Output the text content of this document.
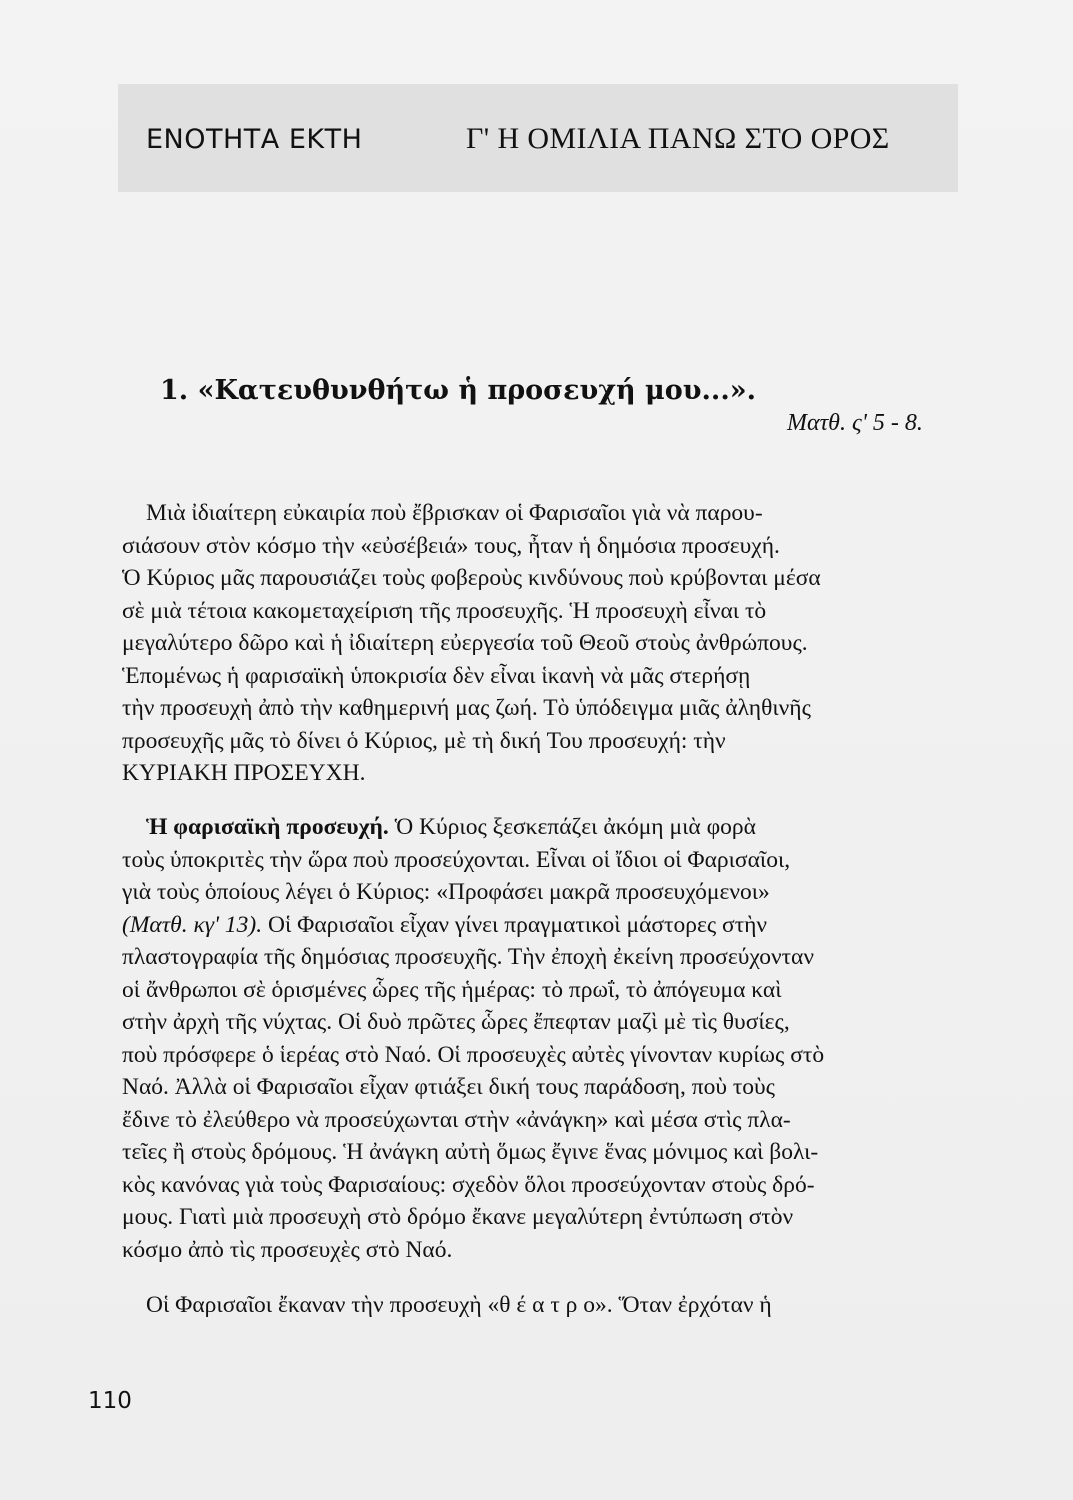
ΕΝΟΤΗΤΑ ΕΚΤΗ	Γ' Η ΟΜΙΛΙΑ ΠΑΝΩ ΣΤΟ ΟΡΟΣ
1. «Κατευθυνθήτω ἡ προσευχή μου...».
Ματθ. ς' 5 - 8.
Μιὰ ἰδιαίτερη εὐκαιρία ποὺ ἔβρισκαν οἱ Φαρισαῖοι γιὰ νὰ παρου-
σιάσουν στὸν κόσμο τὴν «εὐσέβειά» τους, ἦταν ἡ δημόσια προσευχή.
Ὁ Κύριος μᾶς παρουσιάζει τοὺς φοβεροὺς κινδύνους ποὺ κρύβονται μέσα
σὲ μιὰ τέτοια κακομεταχείριση τῆς προσευχῆς. Ἡ προσευχὴ εἶναι τὸ
μεγαλύτερο δῶρο καὶ ἡ ἰδιαίτερη εὐεργεσία τοῦ Θεοῦ στοὺς ἀνθρώπους.
Ἑπομένως ἡ φαρισαϊκὴ ὑποκρισία δὲν εἶναι ἱκανὴ νὰ μᾶς στερήσῃ
τὴν προσευχὴ ἀπὸ τὴν καθημερινή μας ζωή. Τὸ ὑπόδειγμα μιᾶς ἀληθινῆς
προσευχῆς μᾶς τὸ δίνει ὁ Κύριος, μὲ τὴ δική Του προσευχή: τὴν
ΚΥΡΙΑΚΗ ΠΡΟΣΕΥΧΗ.
Ἡ φαρισαϊκὴ προσευχή. Ὁ Κύριος ξεσκεπάζει ἀκόμη μιὰ φορὰ
τοὺς ὑποκριτὲς τὴν ὥρα ποὺ προσεύχονται. Εἶναι οἱ ἴδιοι οἱ Φαρισαῖοι,
γιὰ τοὺς ὁποίους λέγει ὁ Κύριος: «Προφάσει μακρᾶ προσευχόμενοι»
(Ματθ. κγ' 13). Οἱ Φαρισαῖοι εἶχαν γίνει πραγματικοὶ μάστορες στὴν
πλαστογραφία τῆς δημόσιας προσευχῆς. Τὴν ἐποχὴ ἐκείνη προσεύχονταν
οἱ ἄνθρωποι σὲ ὁρισμένες ὧρες τῆς ἡμέρας: τὸ πρωΐ, τὸ ἀπόγευμα καὶ
στὴν ἀρχὴ τῆς νύχτας. Οἱ δυὸ πρῶτες ὧρες ἔπεφταν μαζὶ μὲ τὶς θυσίες,
ποὺ πρόσφερε ὁ ἱερέας στὸ Ναό. Οἱ προσευχὲς αὐτὲς γίνονταν κυρίως στὸ
Ναό. Ἀλλὰ οἱ Φαρισαῖοι εἶχαν φτιάξει δική τους παράδοση, ποὺ τοὺς
ἔδινε τὸ ἐλεύθερο νὰ προσεύχωνται στὴν «ἀνάγκη» καὶ μέσα στὶς πλα-
τεῖες ἢ στοὺς δρόμους. Ἡ ἀνάγκη αὐτὴ ὅμως ἔγινε ἕνας μόνιμος καὶ βολι-
κὸς κανόνας γιὰ τοὺς Φαρισαίους: σχεδὸν ὅλοι προσεύχονταν στοὺς δρό-
μους. Γιατὶ μιὰ προσευχὴ στὸ δρόμο ἔκανε μεγαλύτερη ἐντύπωση στὸν
κόσμο ἀπὸ τὶς προσευχὲς στὸ Ναό.
Οἱ Φαρισαῖοι ἔκαναν τὴν προσευχὴ «θ έ α τ ρ ο». Ὅταν ἐρχόταν ἡ
110
